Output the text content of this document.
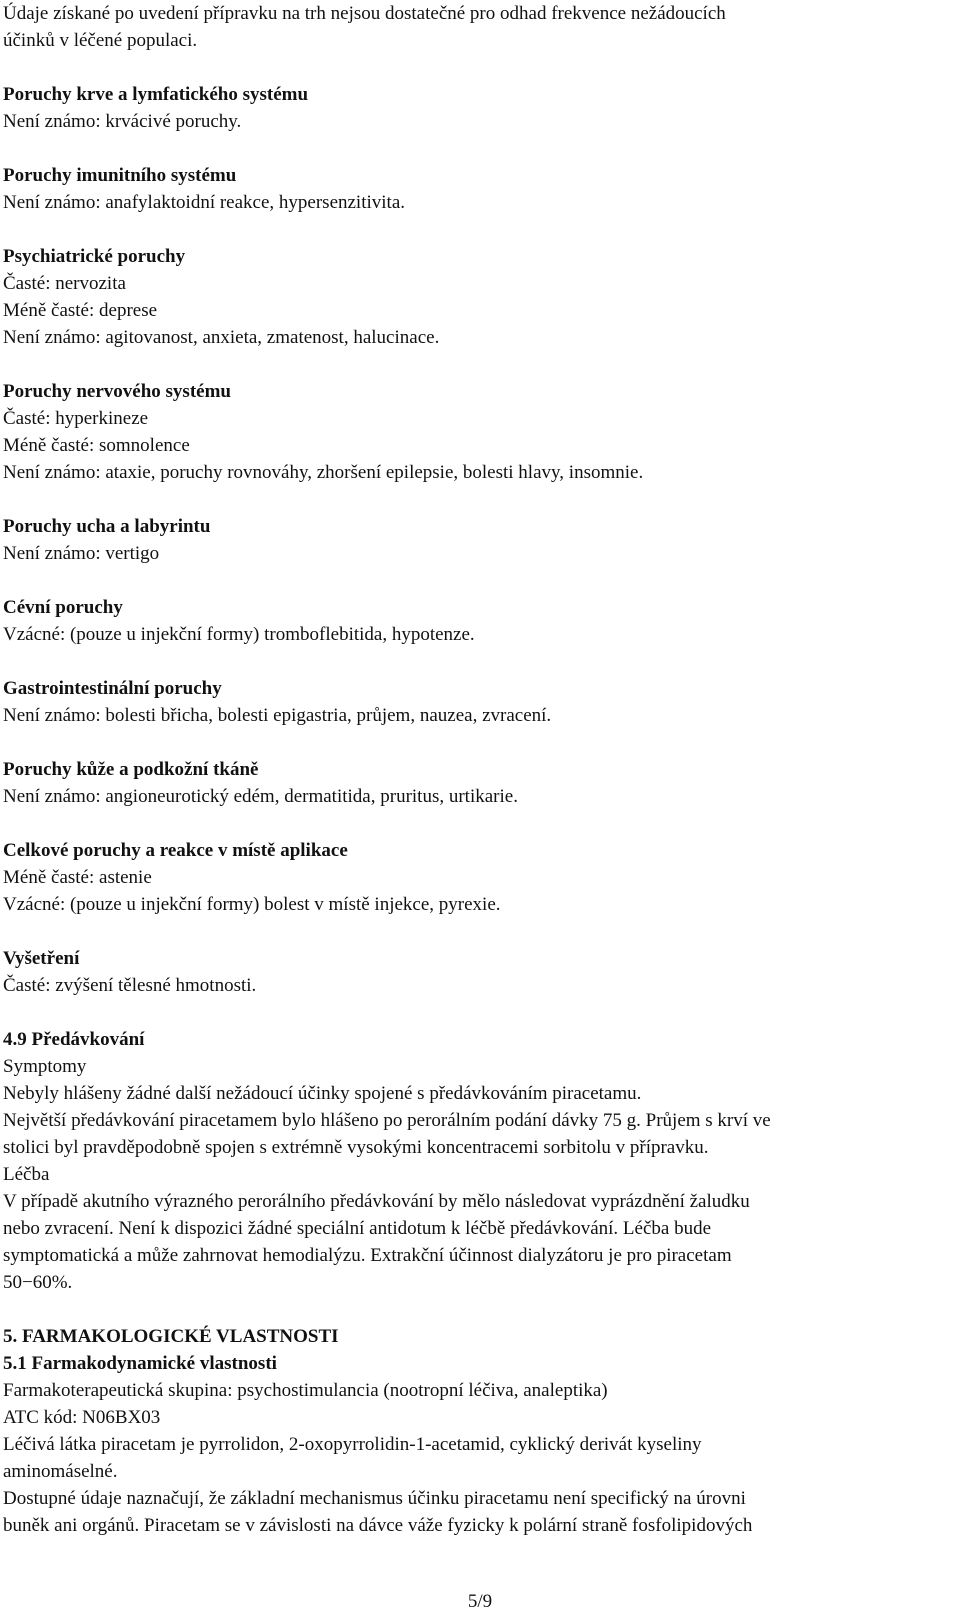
Údaje získané po uvedení přípravku na trh nejsou dostatečné pro odhad frekvence nežádoucích

účinků v léčené populaci.

Poruchy krve a lymfatického systému

Není známo: krvácivé poruchy.

Poruchy imunitního systému

Není známo: anafylaktoidní reakce, hypersenzitivita.

Psychiatrické poruchy

Časté: nervozita

Méně časté: deprese

Není známo: agitovanost, anxieta, zmatenost, halucinace.

Poruchy nervového systému

Časté: hyperkineze

Méně časté: somnolence

Není známo: ataxie, poruchy rovnováhy, zhoršení epilepsie, bolesti hlavy, insomnie.

Poruchy ucha a labyrintu

Není známo: vertigo

Cévní poruchy

Vzácné: (pouze u injekční formy) tromboflebitida, hypotenze.

Gastrointestinální poruchy

Není známo: bolesti břicha, bolesti epigastria, průjem, nauzea, zvracení.

Poruchy kůže a podkožní tkáně

Není známo: angioneurotický edém, dermatitida, pruritus, urtikarie.

Celkové poruchy a reakce v místě aplikace

Méně časté: astenie

Vzácné: (pouze u injekční formy) bolest v místě injekce, pyrexie.

Vyšetření

Časté: zvýšení tělesné hmotnosti.

4.9 Předávkování

Symptomy

Nebyly hlášeny žádné další nežádoucí účinky spojené s předávkováním piracetamu.

Největší předávkování piracetamem bylo hlášeno po perorálním podání dávky 75 g. Průjem s krví ve

stolici byl pravděpodobně spojen s extrémně vysokými koncentracemi sorbitolu v přípravku.

Léčba

V případě akutního výrazného perorálního předávkování by mělo následovat vyprázdnění žaludku

nebo zvracení. Není k dispozici žádné speciální antidotum k léčbě předávkování. Léčba bude

symptomatická a může zahrnovat hemodialýzu. Extrakční účinnost dialyzátoru je pro piracetam

50−60%.

5. FARMAKOLOGICKÉ VLASTNOSTI

5.1 Farmakodynamické vlastnosti

Farmakoterapeutická skupina: psychostimulancia (nootropní léčiva, analeptika)

ATC kód: N06BX03

Léčivá látka piracetam je pyrrolidon, 2-oxopyrrolidin-1-acetamid, cyklický derivát kyseliny

aminomáselné.

Dostupné údaje naznačují, že základní mechanismus účinku piracetamu není specifický na úrovni

buněk ani orgánů. Piracetam se v závislosti na dávce váže fyzicky k polární straně fosfolipidových

5/9
